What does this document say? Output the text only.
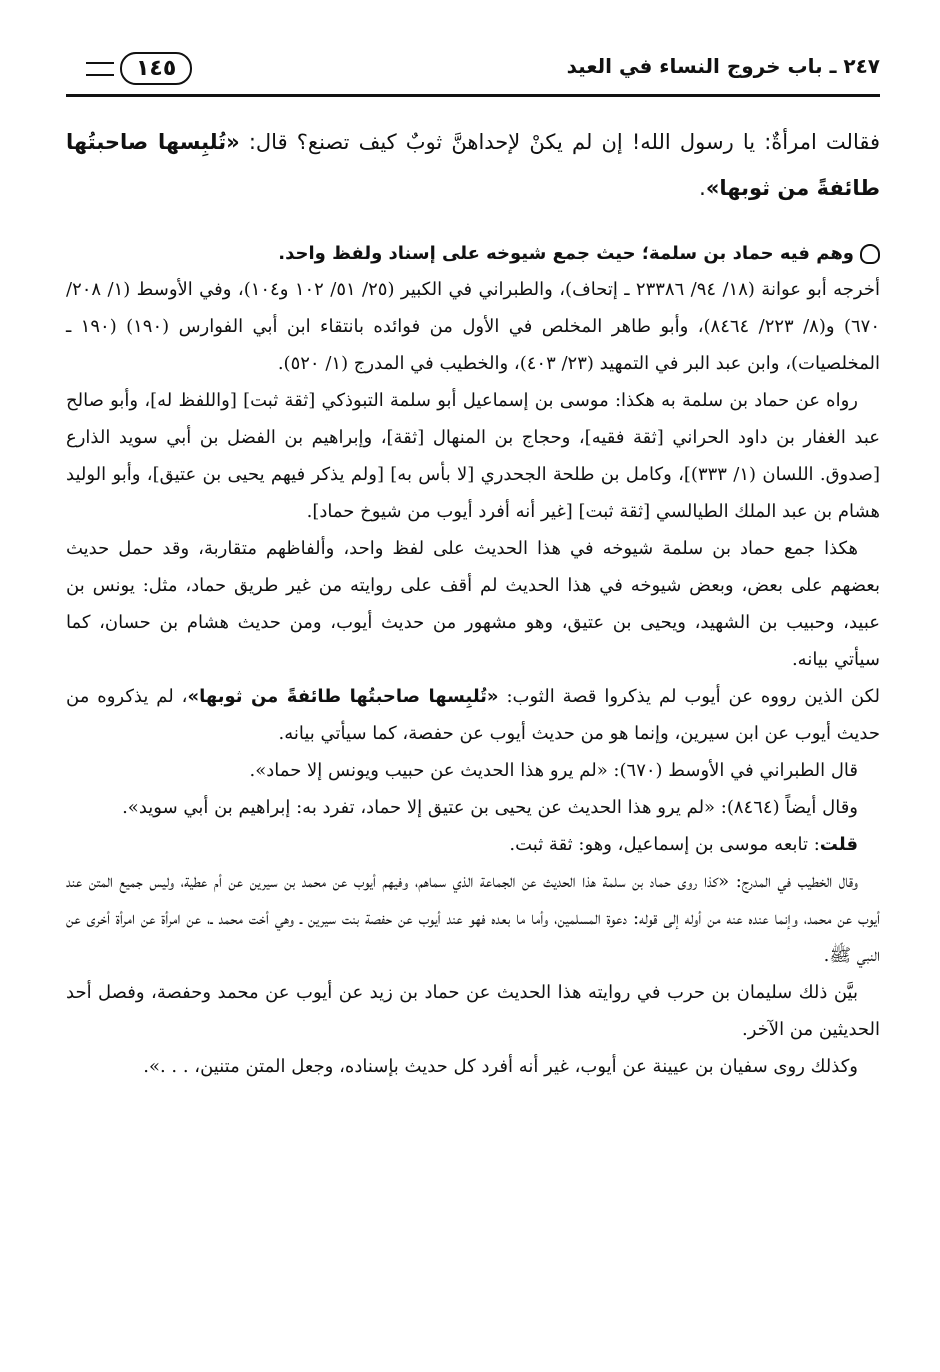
٢٤٧ ـ باب خروج النساء في العيد
١٤٥
فقالت امرأةٌ: يا رسول الله! إن لم يكنْ لإحداهنَّ ثوبٌ كيف تصنع؟ قال: «تُلبِسها صاحبتُها طائفةً من ثوبها».
وهم فيه حماد بن سلمة؛ حيث جمع شيوخه على إسناد ولفظ واحد.

أخرجه أبو عوانة (١٨/ ٩٤/ ٢٣٣٨٦ ـ إتحاف)، والطبراني في الكبير (٢٥/ ٥١/ ١٠٢ و١٠٤)، وفي الأوسط (١/ ٢٠٨/ ٦٧٠) و(٨/ ٢٢٣/ ٨٤٦٤)، وأبو طاهر المخلص في الأول من فوائده بانتقاء ابن أبي الفوارس (١٩٠) (١٩٠ ـ المخلصيات)، وابن عبد البر في التمهيد (٢٣/ ٤٠٣)، والخطيب في المدرج (١/ ٥٢٠).

رواه عن حماد بن سلمة به هكذا: موسى بن إسماعيل أبو سلمة التبوذكي [ثقة ثبت] [واللفظ له]، وأبو صالح عبد الغفار بن داود الحراني [ثقة فقيه]، وحجاج بن المنهال [ثقة]، وإبراهيم بن الفضل بن أبي سويد الذارع [صدوق. اللسان (١/ ٣٣٣)]، وكامل بن طلحة الجحدري [لا بأس به] [ولم يذكر فيهم يحيى بن عتيق]، وأبو الوليد هشام بن عبد الملك الطيالسي [ثقة ثبت] [غير أنه أفرد أيوب من شيوخ حماد].

هكذا جمع حماد بن سلمة شيوخه في هذا الحديث على لفظ واحد، وألفاظهم متقاربة، وقد حمل حديث بعضهم على بعض، وبعض شيوخه في هذا الحديث لم أقف على روايته من غير طريق حماد، مثل: يونس بن عبيد، وحبيب بن الشهيد، ويحيى بن عتيق، وهو مشهور من حديث أيوب، ومن حديث هشام بن حسان، كما سيأتي بيانه.

لكن الذين رووه عن أيوب لم يذكروا قصة الثوب: «تُلبِسها صاحبتُها طائفةً من ثوبها»، لم يذكروه من حديث أيوب عن ابن سيرين، وإنما هو من حديث أيوب عن حفصة، كما سيأتي بيانه.

قال الطبراني في الأوسط (٦٧٠): «لم يرو هذا الحديث عن حبيب ويونس إلا حماد».

وقال أيضاً (٨٤٦٤): «لم يرو هذا الحديث عن يحيى بن عتيق إلا حماد، تفرد به: إبراهيم بن أبي سويد».

قلت: تابعه موسى بن إسماعيل، وهو: ثقة ثبت.

وقال الخطيب في المدرج: «كذا روى حماد بن سلمة هذا الحديث عن الجماعة الذي سماهم، وفيهم أيوب عن محمد بن سيرين عن أم عطية، وليس جميع المتن عند أيوب عن محمد، وإنما عنده عنه من أوله إلى قوله: دعوة المسلمين، وأما ما بعده فهو عند أيوب عن حفصة بنت سيرين ـ وهي أخت محمد ـ، عن امرأة عن امرأة أخرى عن النبي ﷺ.

بيَّن ذلك سليمان بن حرب في روايته هذا الحديث عن حماد بن زيد عن أيوب عن محمد وحفصة، وفصل أحد الحديثين من الآخر.

وكذلك روى سفيان بن عيينة عن أيوب، غير أنه أفرد كل حديث بإسناده، وجعل المتن متنين، . . .».
